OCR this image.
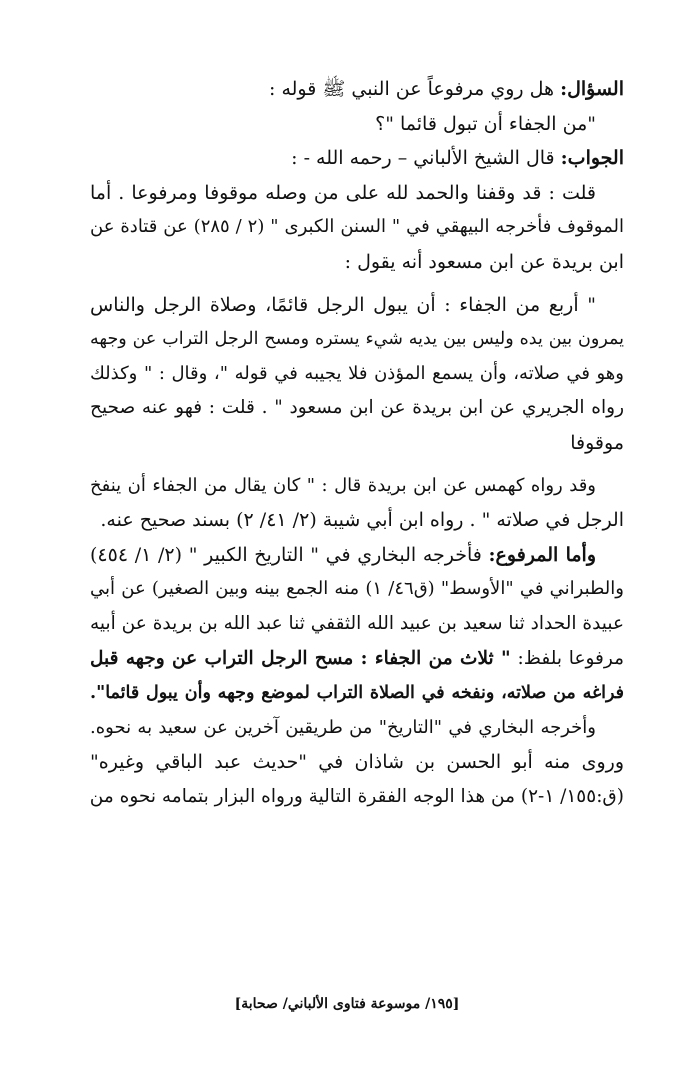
السؤال: هل روي مرفوعاً عن النبي ﷺ قوله :
"من الجفاء أن تبول قائما "؟
الجواب: قال الشيخ الألباني – رحمه الله - :
قلت : قد وقفنا والحمد لله على من وصله موقوفا ومرفوعا . أما
الموقوف فأخرجه البيهقي في " السنن الكبرى " (٢ / ٢٨٥) عن قتادة عن
ابن بريدة عن ابن مسعود أنه يقول :
" أربع من الجفاء : أن يبول الرجل قائمًا، وصلاة الرجل والناس
يمرون بين يده وليس بين يديه شيء يستره ومسح الرجل التراب عن وجهه
وهو في صلاته، وأن يسمع المؤذن فلا يجيبه في قوله "، وقال : " وكذلك
رواه الجريري عن ابن بريدة عن ابن مسعود " . قلت : فهو عنه صحيح
موقوفا
وقد رواه كهمس عن ابن بريدة قال : " كان يقال من الجفاء أن ينفخ
الرجل في صلاته " . رواه ابن أبي شيبة (٢/ ٤١/ ٢) بسند صحيح عنه.
وأما المرفوع: فأخرجه البخاري في " التاريخ الكبير " (٢/ ١/ ٤٥٤)
والطبراني في "الأوسط" (ق٤٦/ ١) منه الجمع بينه وبين الصغير) عن أبي
عبيدة الحداد ثنا سعيد بن عبيد الله الثقفي ثنا عبد الله بن بريدة عن أبيه
مرفوعا بلفظ: " ثلاث من الجفاء : مسح الرجل التراب عن وجهه قبل
فراغه من صلاته، ونفخه في الصلاة التراب لموضع وجهه وأن يبول قائما".
وأخرجه البخاري في "التاريخ" من طريقين آخرين عن سعيد به نحوه.
وروى منه أبو الحسن بن شاذان في "حديث عبد الباقي وغيره"
(ق:١٥٥/ ١-٢) من هذا الوجه الفقرة التالية ورواه البزار بتمامه نحوه من
[١٩٥/ موسوعة فتاوى الألباني/ صحابة]
